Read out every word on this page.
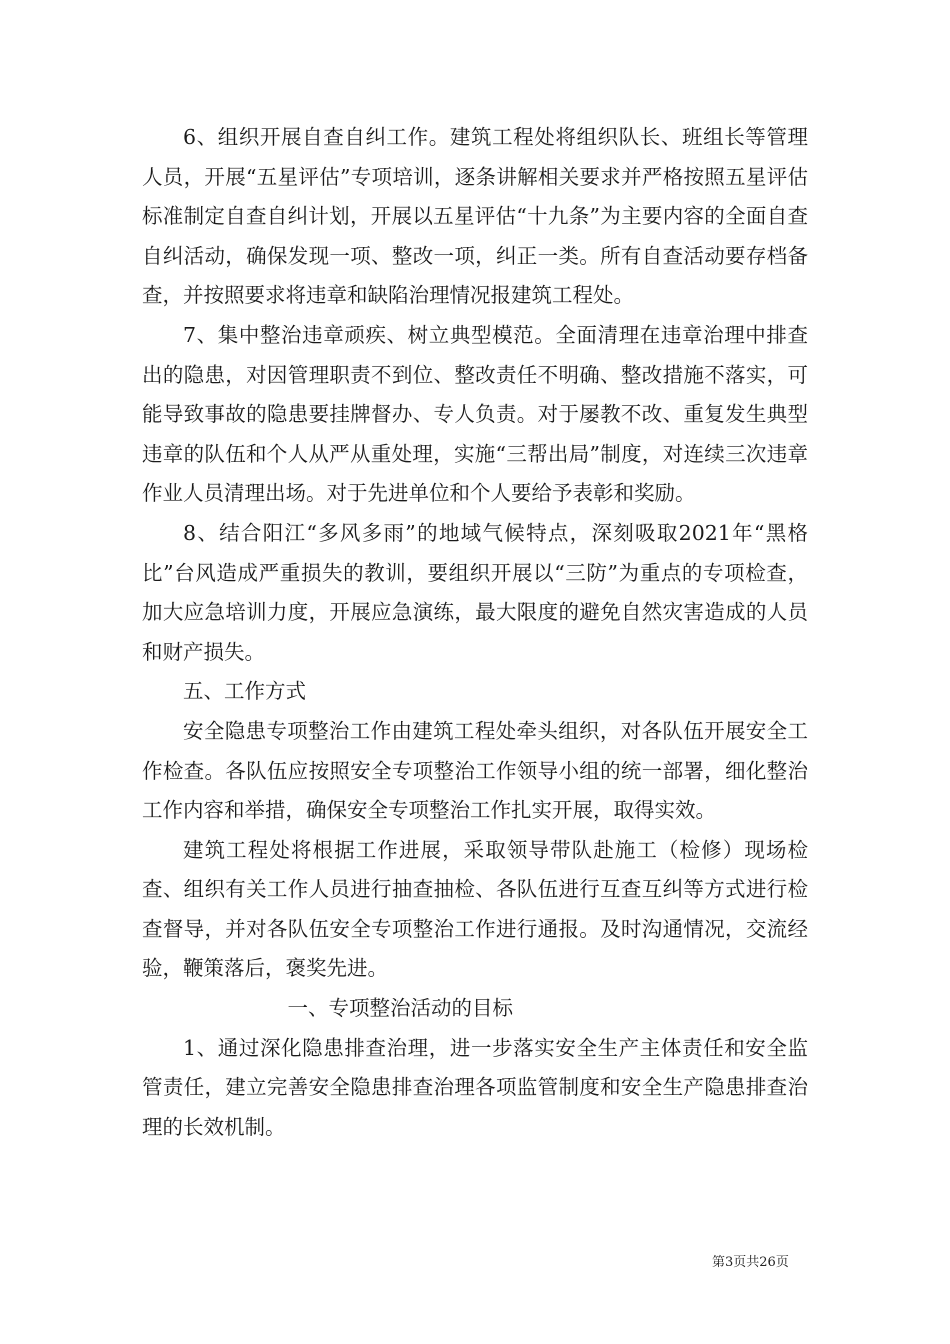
6、组织开展自查自纠工作。建筑工程处将组织队长、班组长等管理人员，开展“五星评估”专项培训，逐条讲解相关要求并严格按照五星评估标准制定自查自纠计划，开展以五星评估“十九条”为主要内容的全面自查自纠活动，确保发现一项、整改一项，纠正一类。所有自查活动要存档备查，并按照要求将违章和缺陷治理情况报建筑工程处。

7、集中整治违章顽疾、树立典型模范。全面清理在违章治理中排查出的隐患，对因管理职责不到位、整改责任不明确、整改措施不落实，可能导致事故的隐患要挂牌督办、专人负责。对于屡教不改、重复发生典型违章的队伍和个人从严从重处理，实施“三帮出局”制度，对连续三次违章作业人员清理出场。对于先进单位和个人要给予表彰和奖励。

8、结合阳江“多风多雨”的地域气候特点，深刻吸取2021年“黑格比”台风造成严重损失的教训，要组织开展以“三防”为重点的专项检查，加大应急培训力度，开展应急演练，最大限度的避免自然灾害造成的人员和财产损失。

五、工作方式

安全隐患专项整治工作由建筑工程处牵头组织，对各队伍开展安全工作检查。各队伍应按照安全专项整治工作领导小组的统一部署，细化整治工作内容和举措，确保安全专项整治工作扎实开展，取得实效。

建筑工程处将根据工作进展，采取领导带队赴施工（检修）现场检查、组织有关工作人员进行抽查抽检、各队伍进行互查互纠等方式进行检查督导，并对各队伍安全专项整治工作进行通报。及时沟通情况，交流经验，鞭策落后，褒奖先进。

一、专项整治活动的目标

1、通过深化隐患排查治理，进一步落实安全生产主体责任和安全监管责任，建立完善安全隐患排查治理各项监管制度和安全生产隐患排查治理的长效机制。

第3页共26页
